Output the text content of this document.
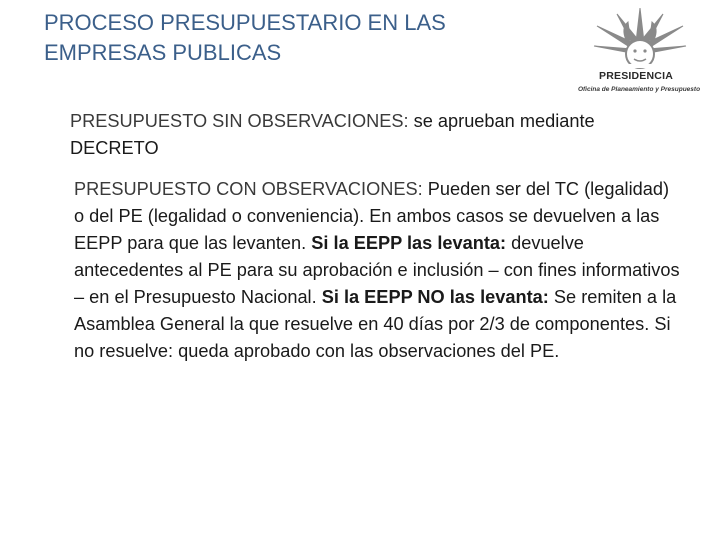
PROCESO PRESUPUESTARIO EN LAS
EMPRESAS PUBLICAS
PRESIDENCIA
Oficina de Planeamiento y Presupuesto

PRESUPUESTO SIN OBSERVACIONES: se aprueban mediante DECRETO

PRESUPUESTO CON OBSERVACIONES: Pueden ser del TC (legalidad) o del PE (legalidad o conveniencia). En ambos casos se devuelven a las EEPP para que las levanten. Si la EEPP las levanta: devuelve antecedentes al PE para su aprobación e inclusión – con fines informativos – en el Presupuesto Nacional. Si la EEPP NO las levanta: Se remiten a la Asamblea General la que resuelve en 40 días por 2/3 de componentes. Si no resuelve: queda aprobado con las observaciones del PE.
